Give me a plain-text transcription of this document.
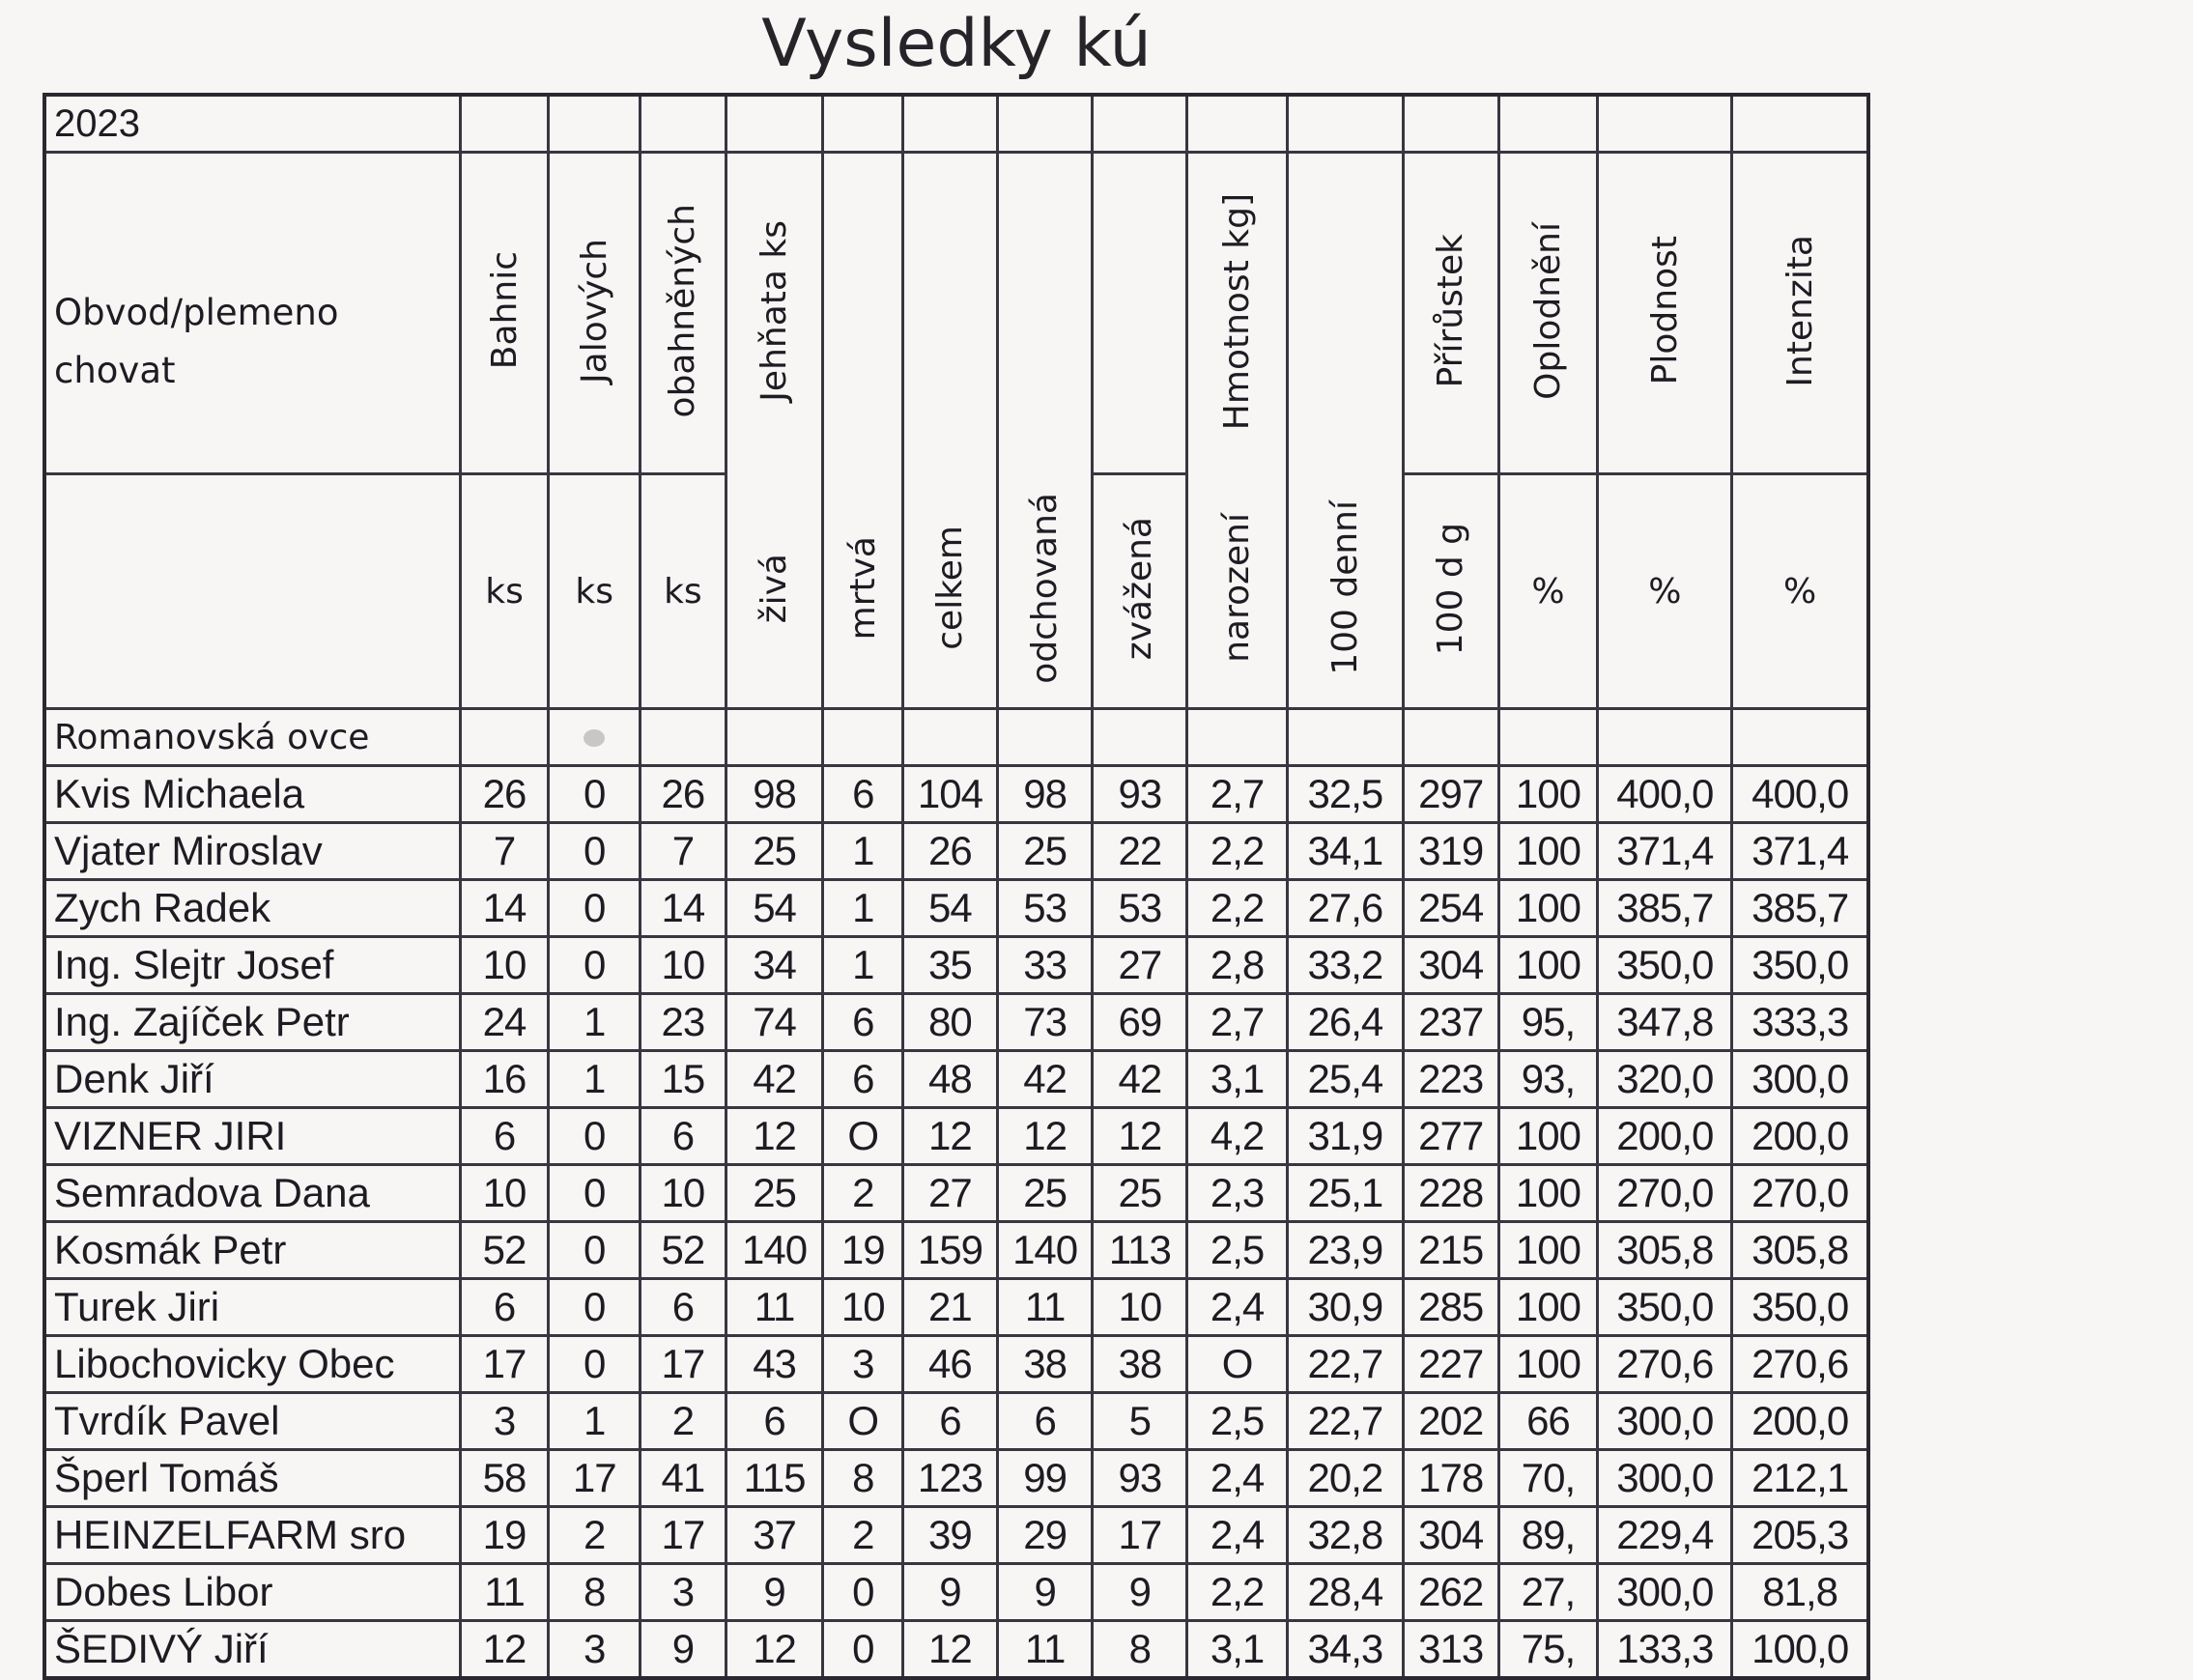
Vysledky kú
2023														

Obvod/plemeno
chovat	Bahnic	Jalových	obahněných	Jehňata ks					Hmotnost kg]		Přírůstek	Oplodnění	Plodnost	Intenzita
	ks	ks	ks	živá	mrtvá	celkem	odchovaná	zvážená	narození	100 denní	100 d g	%	%	%
Romanovská ovce														
Kvis Michaela	26	0	26	98	6	104	98	93	2,7	32,5	297	100	400,0	400,0
Vjater Miroslav	7	0	7	25	1	26	25	22	2,2	34,1	319	100	371,4	371,4
Zych Radek	14	0	14	54	1	54	53	53	2,2	27,6	254	100	385,7	385,7
Ing. Slejtr Josef	10	0	10	34	1	35	33	27	2,8	33,2	304	100	350,0	350,0
Ing. Zajíček Petr	24	1	23	74	6	80	73	69	2,7	26,4	237	95,	347,8	333,3
Denk Jiří	16	1	15	42	6	48	42	42	3,1	25,4	223	93,	320,0	300,0
VIZNER JIRI	6	0	6	12	O	12	12	12	4,2	31,9	277	100	200,0	200,0
Semradova Dana	10	0	10	25	2	27	25	25	2,3	25,1	228	100	270,0	270,0
Kosmák Petr	52	0	52	140	19	159	140	113	2,5	23,9	215	100	305,8	305,8
Turek Jiri	6	0	6	11	10	21	11	10	2,4	30,9	285	100	350,0	350,0
Libochovicky Obec	17	0	17	43	3	46	38	38	O	22,7	227	100	270,6	270,6
Tvrdík Pavel	3	1	2	6	O	6	6	5	2,5	22,7	202	66	300,0	200,0
Šperl Tomáš	58	17	41	115	8	123	99	93	2,4	20,2	178	70,	300,0	212,1
HEINZELFARM sro	19	2	17	37	2	39	29	17	2,4	32,8	304	89,	229,4	205,3
Dobes Libor	11	8	3	9	0	9	9	9	2,2	28,4	262	27,	300,0	81,8
ŠEDIVÝ Jiří	12	3	9	12	0	12	11	8	3,1	34,3	313	75,	133,3	100,0
